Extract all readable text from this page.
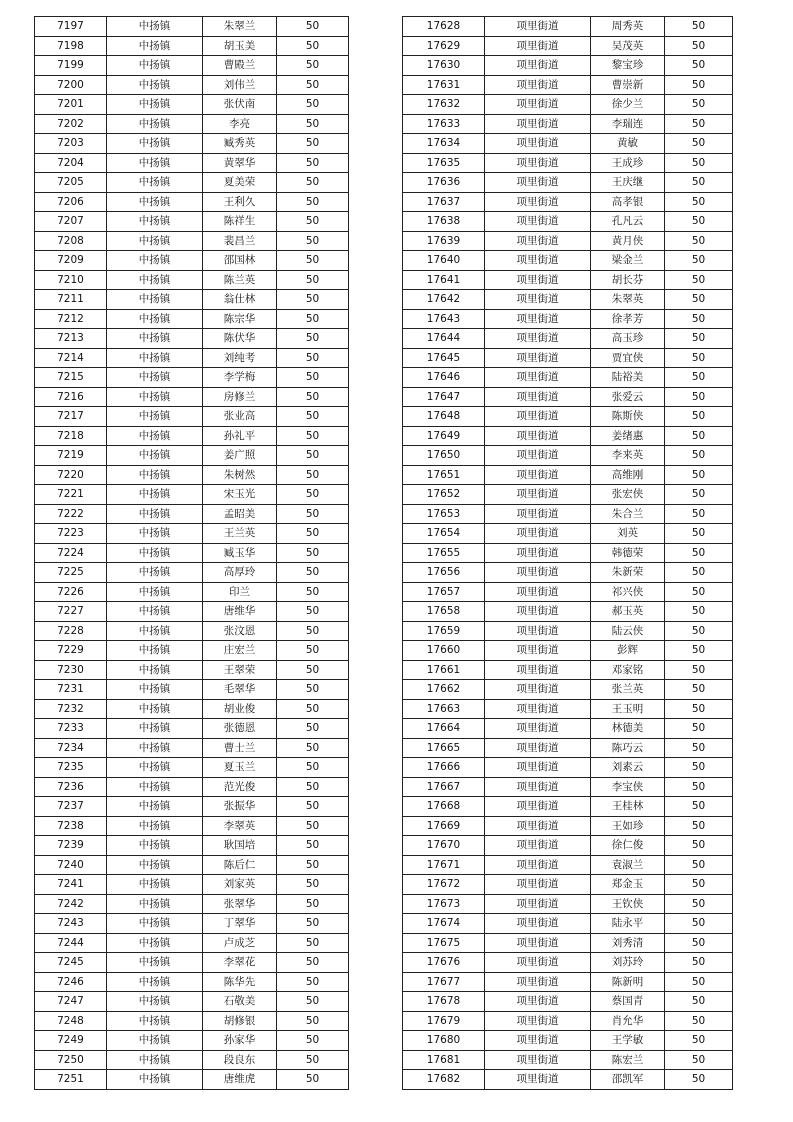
7197	中扬镇	朱翠兰	50
7198	中扬镇	胡玉美	50
7199	中扬镇	曹殿兰	50
7200	中扬镇	刘伟兰	50
7201	中扬镇	张伏南	50
7202	中扬镇	李亮	50
7203	中扬镇	臧秀英	50
7204	中扬镇	黄翠华	50
7205	中扬镇	夏美荣	50
7206	中扬镇	王利久	50
7207	中扬镇	陈祥生	50
7208	中扬镇	裴昌兰	50
7209	中扬镇	邵国林	50
7210	中扬镇	陈兰英	50
7211	中扬镇	翁仕林	50
7212	中扬镇	陈宗华	50
7213	中扬镇	陈伏华	50
7214	中扬镇	刘纯考	50
7215	中扬镇	李学梅	50
7216	中扬镇	房修兰	50
7217	中扬镇	张业高	50
7218	中扬镇	孙礼平	50
7219	中扬镇	姜广照	50
7220	中扬镇	朱树然	50
7221	中扬镇	宋玉光	50
7222	中扬镇	孟昭美	50
7223	中扬镇	王兰英	50
7224	中扬镇	臧玉华	50
7225	中扬镇	高厚玲	50
7226	中扬镇	印兰	50
7227	中扬镇	唐维华	50
7228	中扬镇	张汶恩	50
7229	中扬镇	庄宏兰	50
7230	中扬镇	王翠荣	50
7231	中扬镇	毛翠华	50
7232	中扬镇	胡业俊	50
7233	中扬镇	张德恩	50
7234	中扬镇	曹士兰	50
7235	中扬镇	夏玉兰	50
7236	中扬镇	范光俊	50
7237	中扬镇	张振华	50
7238	中扬镇	李翠英	50
7239	中扬镇	耿国培	50
7240	中扬镇	陈后仁	50
7241	中扬镇	刘家英	50
7242	中扬镇	张翠华	50
7243	中扬镇	丁翠华	50
7244	中扬镇	卢成芝	50
7245	中扬镇	李翠花	50
7246	中扬镇	陈华先	50
7247	中扬镇	石敬美	50
7248	中扬镇	胡修银	50
7249	中扬镇	孙家华	50
7250	中扬镇	段良东	50
7251	中扬镇	唐维虎	50
17628	项里街道	周秀英	50
17629	项里街道	吴茂英	50
17630	项里街道	黎宝珍	50
17631	项里街道	曹崇新	50
17632	项里街道	徐少兰	50
17633	项里街道	李瑞连	50
17634	项里街道	黄敏	50
17635	项里街道	王成珍	50
17636	项里街道	王庆继	50
17637	项里街道	高孝银	50
17638	项里街道	孔凡云	50
17639	项里街道	黄月侠	50
17640	项里街道	梁金兰	50
17641	项里街道	胡长芬	50
17642	项里街道	朱翠英	50
17643	项里街道	徐孝芳	50
17644	项里街道	高玉珍	50
17645	项里街道	贾宜侠	50
17646	项里街道	陆裕美	50
17647	项里街道	张爱云	50
17648	项里街道	陈斯侠	50
17649	项里街道	姜绪惠	50
17650	项里街道	李来英	50
17651	项里街道	高维刚	50
17652	项里街道	张宏侠	50
17653	项里街道	朱合兰	50
17654	项里街道	刘英	50
17655	项里街道	韩德荣	50
17656	项里街道	朱新荣	50
17657	项里街道	祁兴侠	50
17658	项里街道	郝玉英	50
17659	项里街道	陆云侠	50
17660	项里街道	彭辉	50
17661	项里街道	邓家铭	50
17662	项里街道	张兰英	50
17663	项里街道	王玉明	50
17664	项里街道	林德美	50
17665	项里街道	陈巧云	50
17666	项里街道	刘素云	50
17667	项里街道	李宝侠	50
17668	项里街道	王桂林	50
17669	项里街道	王如珍	50
17670	项里街道	徐仁俊	50
17671	项里街道	袁淑兰	50
17672	项里街道	郑金玉	50
17673	项里街道	王钦侠	50
17674	项里街道	陆永平	50
17675	项里街道	刘秀清	50
17676	项里街道	刘苏玲	50
17677	项里街道	陈新明	50
17678	项里街道	蔡国青	50
17679	项里街道	肖允华	50
17680	项里街道	王学敏	50
17681	项里街道	陈宏兰	50
17682	项里街道	邵凯军	50
